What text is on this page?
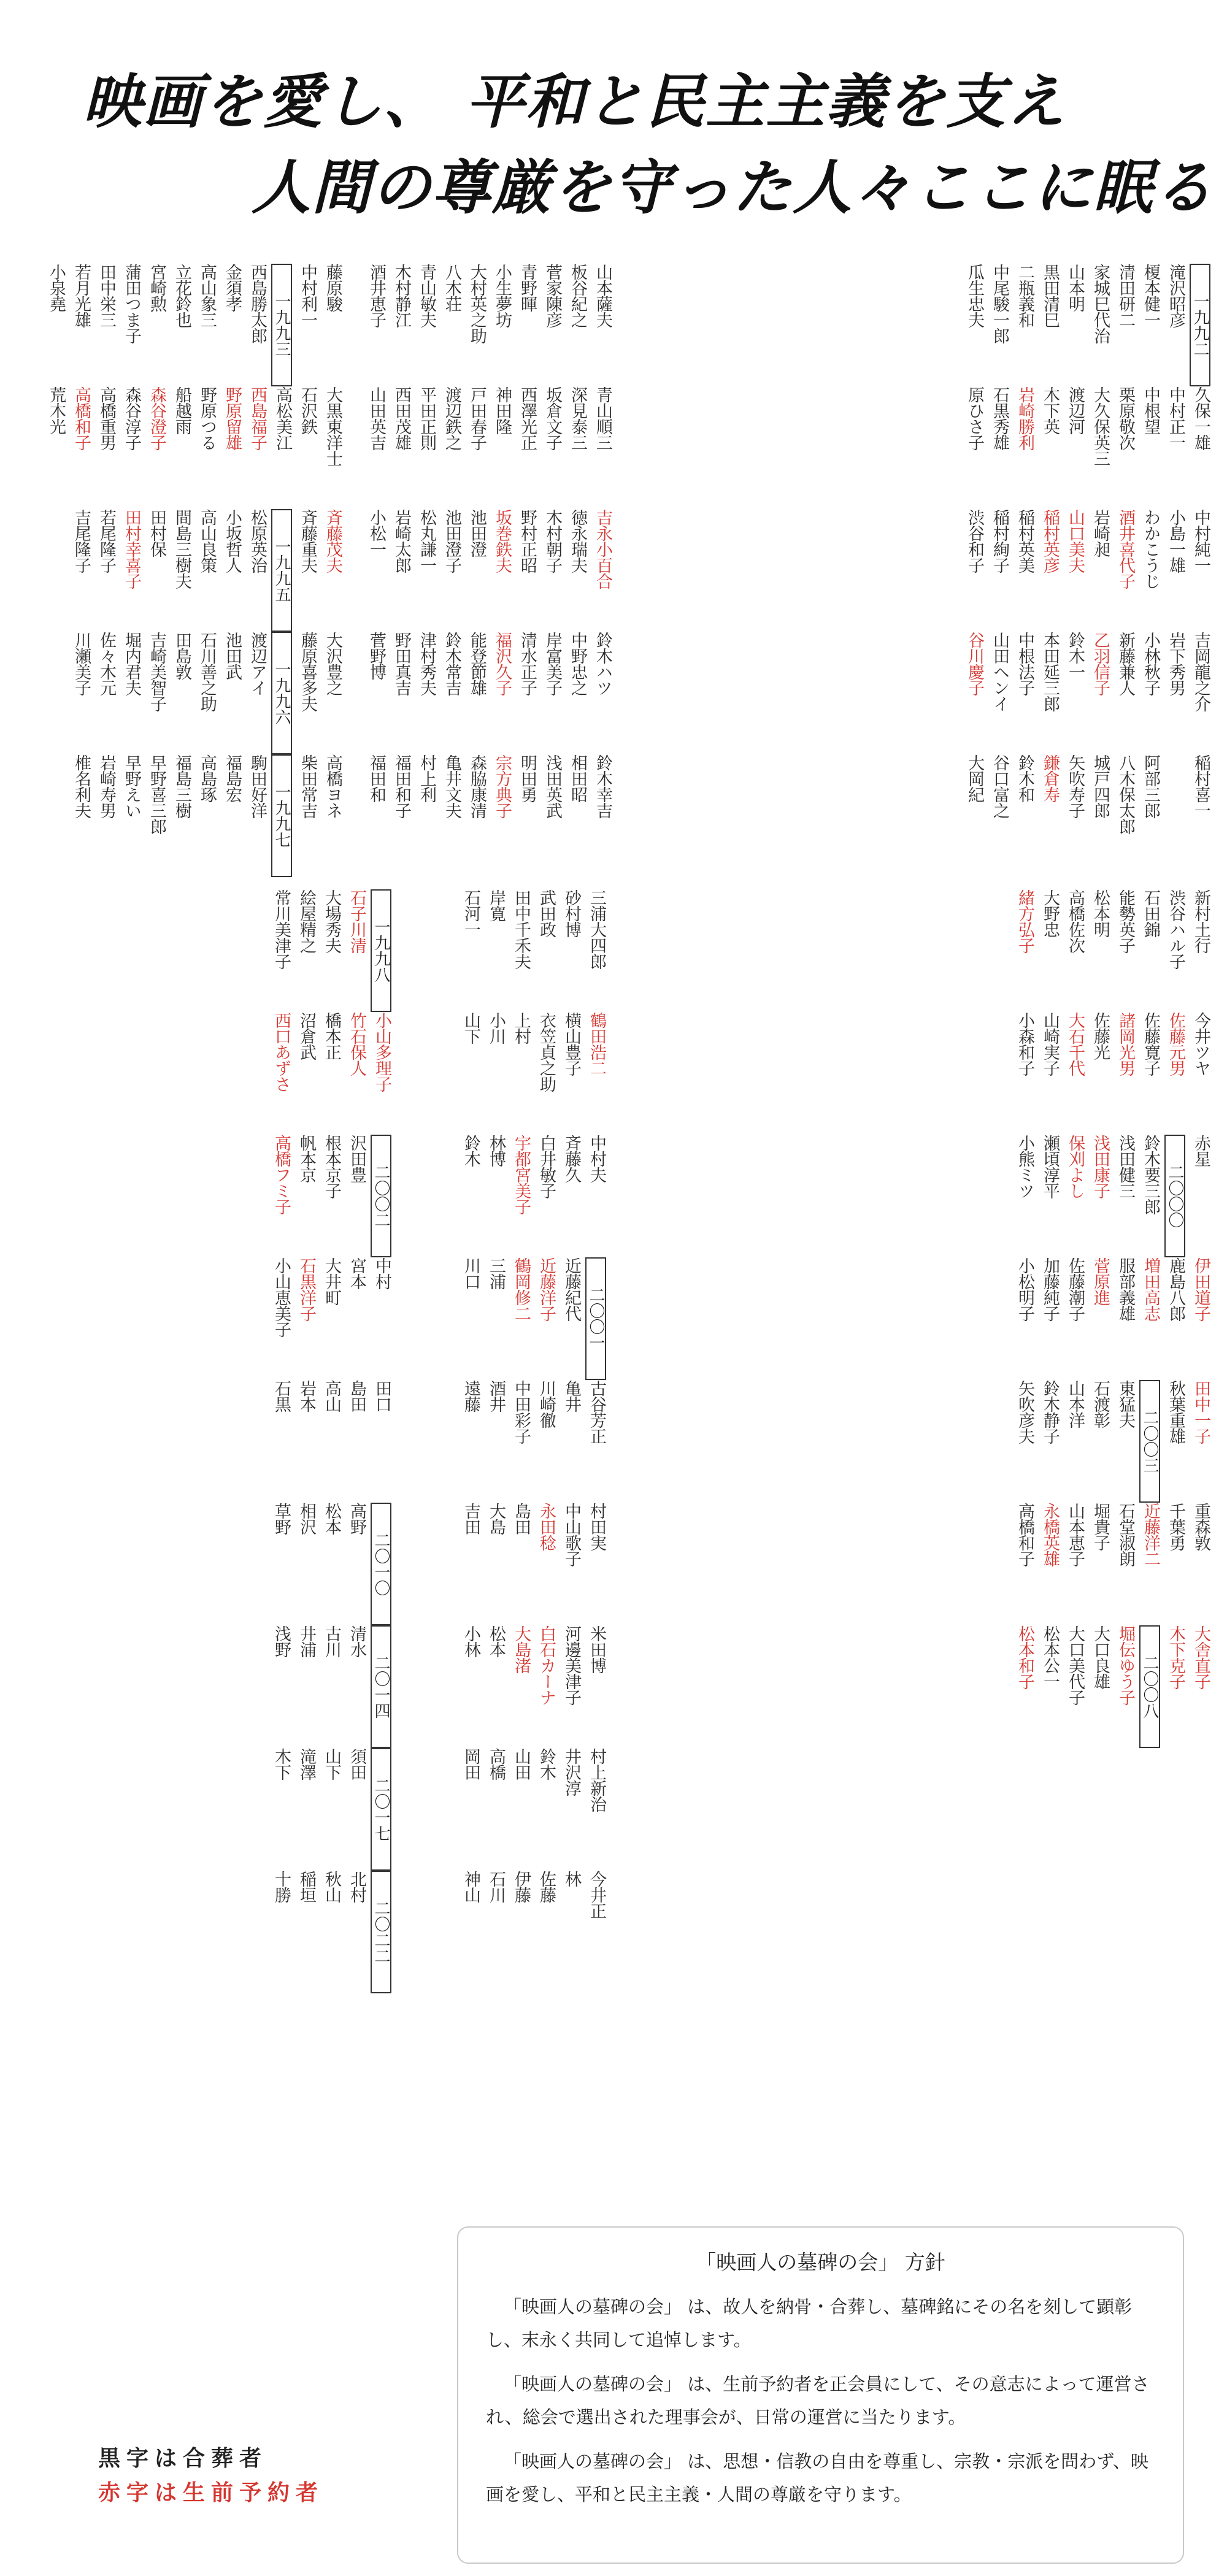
映画を愛し、 平和と民主主義を支え
人間の尊厳を守った人々ここに眠る
一九九二
久保一雄
中村純一
吉岡龍之介
稲村喜一
滝沢昭彦
中村正一
小島一雄
岩下秀男
榎本健一
中根望
わかこうじ
小林秋子
阿部三郎
清田研二
栗原敬次
酒井喜代子
新藤兼人
八木保太郎
家城巳代治
大久保英三
岩崎昶
乙羽信子
城戸四郎
山本明
渡辺河
山口美夫
鈴木一
矢吹寿子
黒田清巳
木下英
稲村英彦
本田延三郎
鎌倉寿
二瓶義和
岩崎勝利
稲村英美
中根法子
鈴木和
中尾駿一郎
石黒秀雄
稲村絢子
山田ヘンイ
谷口富之
瓜生忠夫
原ひさ子
渋谷和子
谷川慶子
大岡紀
山本薩夫
青山順三
吉永小百合
鈴木ハツ
鈴木幸吉
板谷紀之
深見泰三
徳永瑞夫
中野忠之
相田昭
菅家陳彦
坂倉文子
木村朝子
岸富美子
浅田英武
青野暉
西澤光正
野村正昭
清水正子
明田勇
小生夢坊
神田隆
坂巻鉄夫
福沢久子
宗方典子
大村英之助
戸田春子
池田澄
能登節雄
森脇康清
八木荘
渡辺鉄之
池田澄子
鈴木常吉
亀井文夫
青山敏夫
平田正則
松丸謙一
津村秀夫
村上利
木村静江
西田茂雄
岩崎太郎
野田真吉
福田和子
酒井恵子
山田英吉
小松一
菅野博
福田和
藤原駿
大黒東洋士
斉藤茂夫
大沢豊之
高橋ヨネ
中村利一
石沢鉄
斉藤重夫
藤原喜多夫
柴田常吉
一九九三
高松美江
一九九五
一九九六
一九九七
西島勝太郎
西島福子
松原英治
渡辺アイ
駒田好洋
金須孝
野原留雄
小坂哲人
池田武
福島宏
高山象三
野原つる
高山良策
石川善之助
高島琢
立花鈴也
船越雨
間島三樹夫
田島敦
福島三樹
宮崎勲
森谷澄子
田村保
吉崎美智子
早野喜三郎
蒲田つま子
森谷淳子
田村幸喜子
堀内君夫
早野えい
田中栄三
高橋重男
若尾隆子
佐々木元
岩崎寿男
若月光雄
高橋和子
吉尾隆子
川瀬美子
椎名利夫
小泉堯
荒木光
新村土行
今井ツヤ
赤星
伊田道子
田中一子
重森敦
大舎直子
渋谷ハル子
佐藤元男
二〇〇〇
鹿島八郎
秋葉重雄
千葉勇
木下克子
石田錦
佐藤寛子
鈴木要三郎
増田高志
二〇〇三
近藤洋二
二〇〇八
能勢英子
諸岡光男
浅田健三
服部義雄
東猛夫
石堂淑朗
堀伝ゆう子
松本明
佐藤光
浅田康子
菅原進
石渡彰
堀貴子
大口良雄
高橋佐次
大石千代
保刈よし
佐藤潮子
山本洋
山本恵子
大口美代子
大野忠
山崎実子
瀬頃淳平
加藤純子
鈴木静子
永橋英雄
松本公一
緒方弘子
小森和子
小熊ミツ
小松明子
矢吹彦夫
高橋和子
松本和子
三浦大四郎
鶴田浩二
中村夫
二〇〇一
古谷芳正
村田実
米田博
村上新治
今井正
砂村博
横山豊子
斉藤久
近藤紀代
亀井
中山歌子
河邊美津子
井沢淳
林
武田政
衣笠貞之助
白井敏子
近藤洋子
川崎徹
永田稔
白石カーナ
鈴木
佐藤
田中千禾夫
上村
宇都宮美子
鶴岡修二
中田彩子
島田
大島渚
山田
伊藤
岸寛
小川
林博
三浦
酒井
大島
松本
高橋
石川
石河一
山下
鈴木
川口
遠藤
吉田
小林
岡田
神山
一九九八
小山多理子
二〇〇二
中村
田口
二〇一〇
二〇一四
二〇一七
二〇二二
石子川清
竹石保人
沢田豊
宮本
島田
高野
清水
須田
北村
大場秀夫
橋本正
根本京子
大井町
高山
松本
古川
山下
秋山
絵屋精之
沼倉武
帆本京
石黒洋子
岩本
相沢
井浦
滝澤
稲垣
常川美津子
西口あずさ
高橋フミ子
小山恵美子
石黒
草野
浅野
木下
十勝
「映画人の墓碑の会」 方針

「映画人の墓碑の会」 は、故人を納骨・合葬し、墓碑銘にその名を刻して顕彰し、末永く共同して追悼します。

「映画人の墓碑の会」 は、生前予約者を正会員にして、その意志によって運営され、総会で選出された理事会が、日常の運営に当たります。

「映画人の墓碑の会」 は、思想・信教の自由を尊重し、宗教・宗派を問わず、映画を愛し、平和と民主主義・人間の尊厳を守ります。

黒字は合葬者
赤字は生前予約者
